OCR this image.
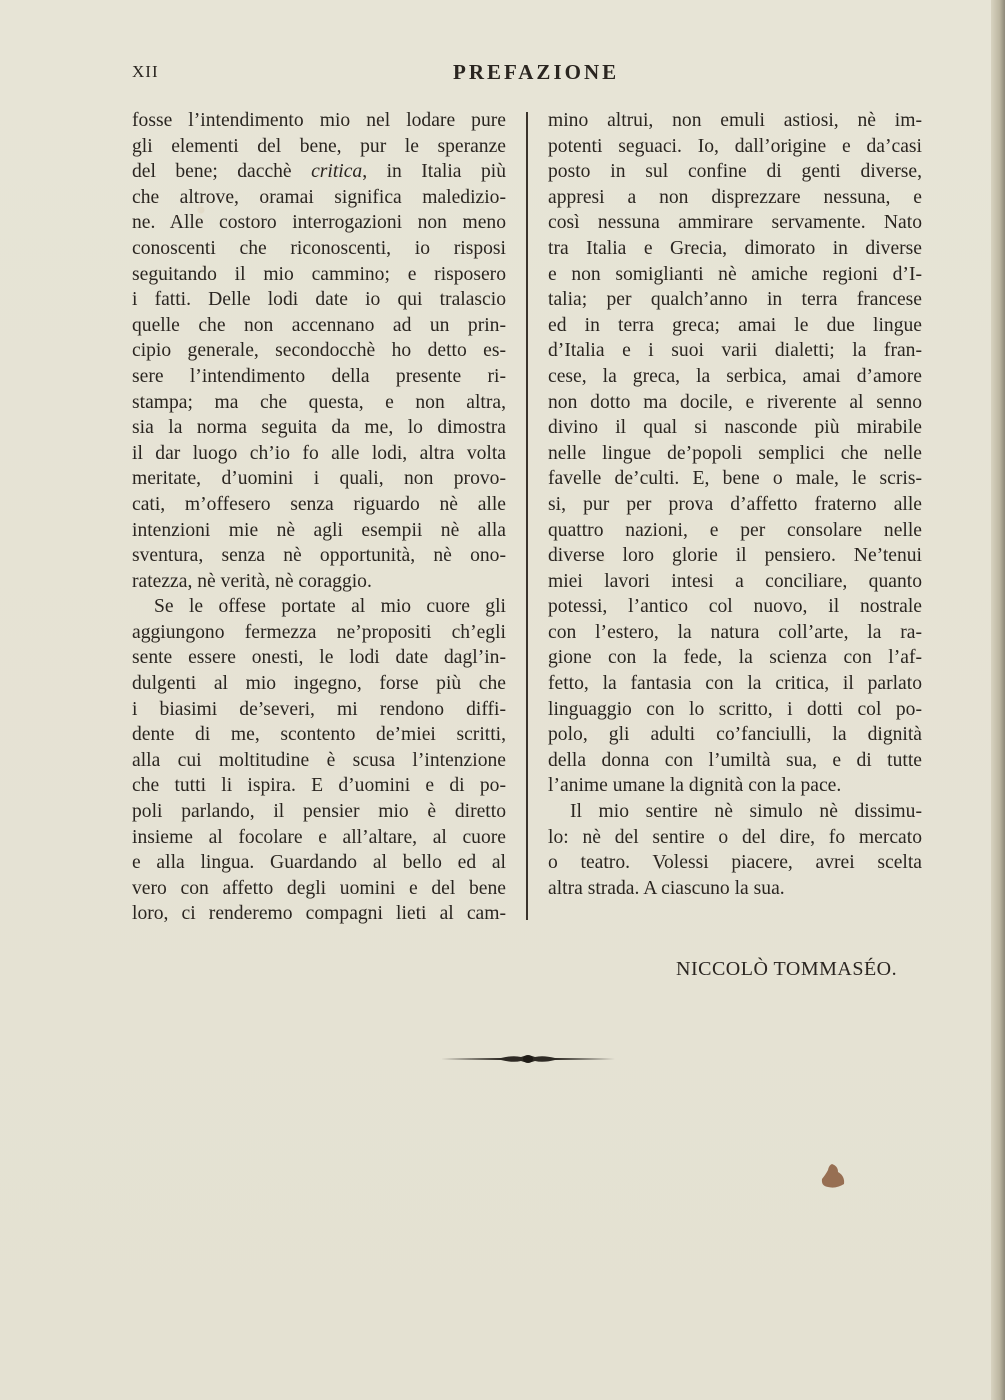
XII	PREFAZIONE
fosse l’intendimento mio nel lodare pure
gli elementi del bene, pur le speranze
del bene; dacchè critica, in Italia più
che altrove, oramai significa maledizio-
ne. Alle costoro interrogazioni non meno
conoscenti che riconoscenti, io risposi
seguitando il mio cammino; e risposero
i fatti. Delle lodi date io qui tralascio
quelle che non accennano ad un prin-
cipio generale, secondocchè ho detto es-
sere l’intendimento della presente ri-
stampa; ma che questa, e non altra,
sia la norma seguita da me, lo dimostra
il dar luogo ch’io fo alle lodi, altra volta
meritate, d’uomini i quali, non provo-
cati, m’offesero senza riguardo nè alle
intenzioni mie nè agli esempii nè alla
sventura, senza nè opportunità, nè ono-
ratezza, nè verità, nè coraggio.
Se le offese portate al mio cuore gli
aggiungono fermezza ne’propositi ch’egli
sente essere onesti, le lodi date dagl’in-
dulgenti al mio ingegno, forse più che
i biasimi de’severi, mi rendono diffi-
dente di me, scontento de’miei scritti,
alla cui moltitudine è scusa l’intenzione
che tutti li ispira. E d’uomini e di po-
poli parlando, il pensier mio è diretto
insieme al focolare e all’altare, al cuore
e alla lingua. Guardando al bello ed al
vero con affetto degli uomini e del bene
loro, ci renderemo compagni lieti al cam-
mino altrui, non emuli astiosi, nè im-
potenti seguaci. Io, dall’origine e da’casi
posto in sul confine di genti diverse,
appresi a non disprezzare nessuna, e
così nessuna ammirare servamente. Nato
tra Italia e Grecia, dimorato in diverse
e non somiglianti nè amiche regioni d’I-
talia; per qualch’anno in terra francese
ed in terra greca; amai le due lingue
d’Italia e i suoi varii dialetti; la fran-
cese, la greca, la serbica, amai d’amore
non dotto ma docile, e riverente al senno
divino il qual si nasconde più mirabile
nelle lingue de’popoli semplici che nelle
favelle de’culti. E, bene o male, le scris-
si, pur per prova d’affetto fraterno alle
quattro nazioni, e per consolare nelle
diverse loro glorie il pensiero. Ne’tenui
miei lavori intesi a conciliare, quanto
potessi, l’antico col nuovo, il nostrale
con l’estero, la natura coll’arte, la ra-
gione con la fede, la scienza con l’af-
fetto, la fantasia con la critica, il parlato
linguaggio con lo scritto, i dotti col po-
polo, gli adulti co’fanciulli, la dignità
della donna con l’umiltà sua, e di tutte
l’anime umane la dignità con la pace.
Il mio sentire nè simulo nè dissimu-
lo: nè del sentire o del dire, fo mercato
o teatro. Volessi piacere, avrei scelta
altra strada. A ciascuno la sua.
NICCOLÒ TOMMASÉO.
